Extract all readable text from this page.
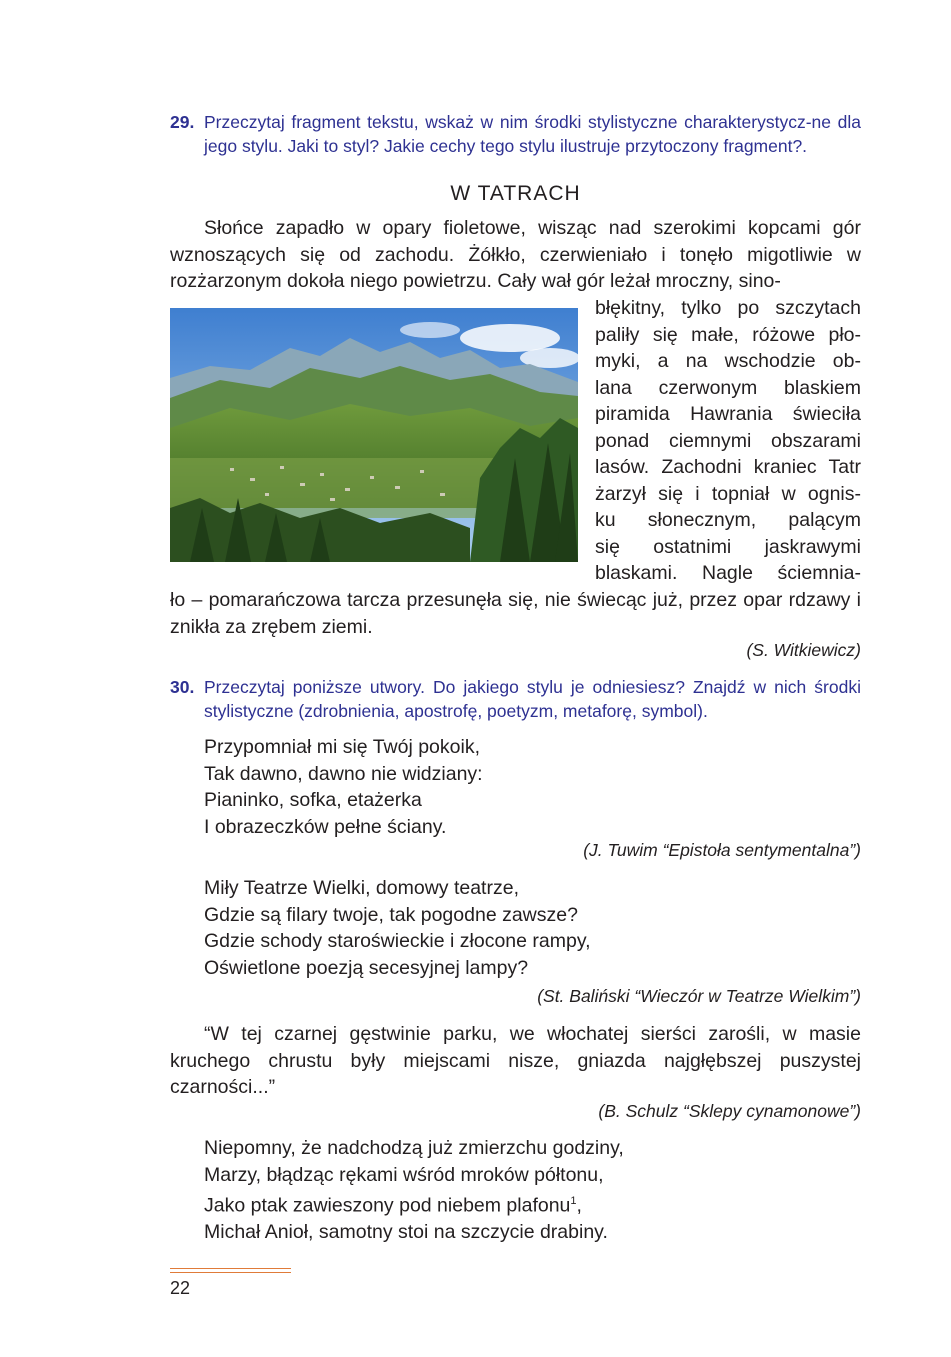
29. Przeczytaj fragment tekstu, wskaż w nim środki stylistyczne charakterystycz-ne dla jego stylu. Jaki to styl? Jakie cechy tego stylu ilustruje przytoczony fragment?.
W TATRACH

Słońce zapadło w opary fioletowe, wisząc nad szerokimi kopcami gór wznoszących się od zachodu. Żółkło, czerwieniało i tonęło migotliwie w rozżarzonym dokoła niego powietrzu. Cały wał gór leżał mroczny, sino-

błękitny, tylko po szczytach
paliły się małe, różowe pło-
myki, a na wschodzie ob-
lana czerwonym blaskiem
piramida Hawrania świeciła
ponad ciemnymi obszarami
lasów. Zachodni kraniec Tatr
żarzył się i topniał w ognis-
ku słonecznym, palącym
się ostatnimi jaskrawymi
blaskami. Nagle ściemnia-

ło – pomarańczowa tarcza przesunęła się, nie świecąc już, przez opar rdzawy i znikła za zrębem ziemi.

(S. Witkiewicz)
30. Przeczytaj poniższe utwory. Do jakiego stylu je odniesiesz? Znajdź w nich środki stylistyczne (zdrobnienia, apostrofę, poetyzm, metaforę, symbol).
Przypomniał mi się Twój pokoik,
Tak dawno, dawno nie widziany:
Pianinko, sofka, etażerka
I obrazeczków pełne ściany.
(J. Tuwim “Epistoła sentymentalna”)
Miły Teatrze Wielki, domowy teatrze,
Gdzie są filary twoje, tak pogodne zawsze?
Gdzie schody staroświeckie i złocone rampy,
Oświetlone poezją secesyjnej lampy?
(St. Baliński “Wieczór w Teatrze Wielkim”)

“W tej czarnej gęstwinie parku, we włochatej sierści zarośli, w masie kruchego chrustu były miejscami nisze, gniazda najgłębszej puszystej czarności...”

(B. Schulz “Sklepy cynamonowe”)
Niepomny, że nadchodzą już zmierzchu godziny,
Marzy, błądząc rękami wśród mroków półtonu,
Jako ptak zawieszony pod niebem plafonu$^1$,
Michał Anioł, samotny stoi na szczycie drabiny.
22
